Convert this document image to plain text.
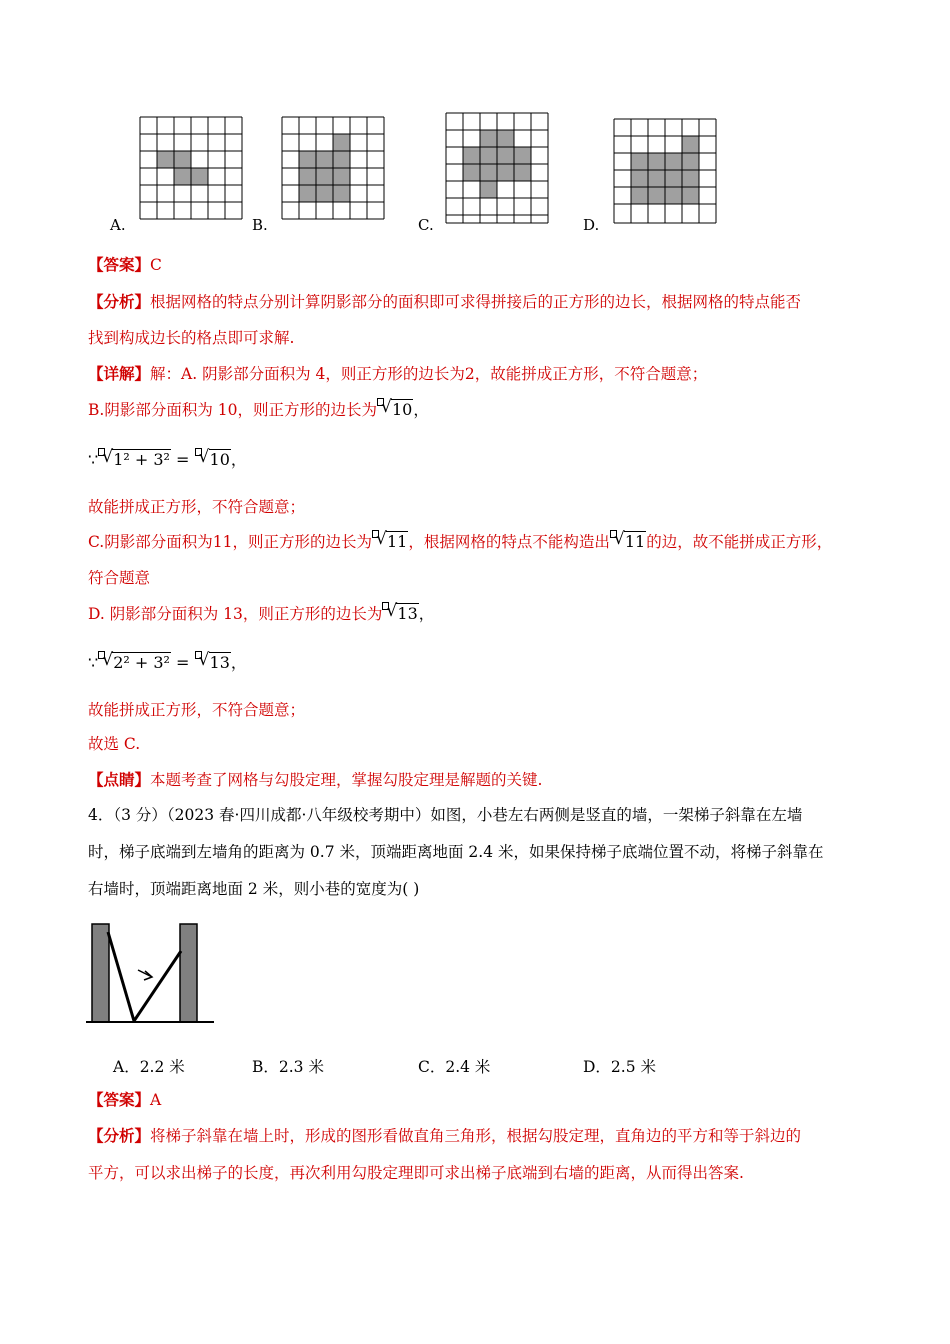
A.	B.	C.	D.
【答案】C
【分析】根据网格的特点分别计算阴影部分的面积即可求得拼接后的正方形的边长，根据网格的特点能否
找到构成边长的格点即可求解.
【详解】解：A. 阴影部分面积为 4，则正方形的边长为2，故能拼成正方形，不符合题意；
B.阴影部分面积为 10，则正方形的边长为 √ 10，
∵ √ 1² + 3² = √ 10，
故能拼成正方形，不符合题意；
C.阴影部分面积为11，则正方形的边长为 √ 11，根据网格的特点不能构造出 √ 11的边，故不能拼成正方形，
符合题意
D. 阴影部分面积为 13，则正方形的边长为 √ 13，
∵ √ 2² + 3² = √ 13，
故能拼成正方形，不符合题意；
故选 C.
【点睛】本题考查了网格与勾股定理，掌握勾股定理是解题的关键.
4．（3 分）（2023 春·四川成都·八年级校考期中）如图，小巷左右两侧是竖直的墙，一架梯子斜靠在左墙
时，梯子底端到左墙角的距离为 0.7 米，顶端距离地面 2.4 米，如果保持梯子底端位置不动，将梯子斜靠在
右墙时，顶端距离地面 2 米，则小巷的宽度为( )
A．2.2 米	B．2.3 米	C．2.4 米	D．2.5 米
【答案】A
【分析】将梯子斜靠在墙上时，形成的图形看做直角三角形，根据勾股定理，直角边的平方和等于斜边的
平方，可以求出梯子的长度，再次利用勾股定理即可求出梯子底端到右墙的距离，从而得出答案.
